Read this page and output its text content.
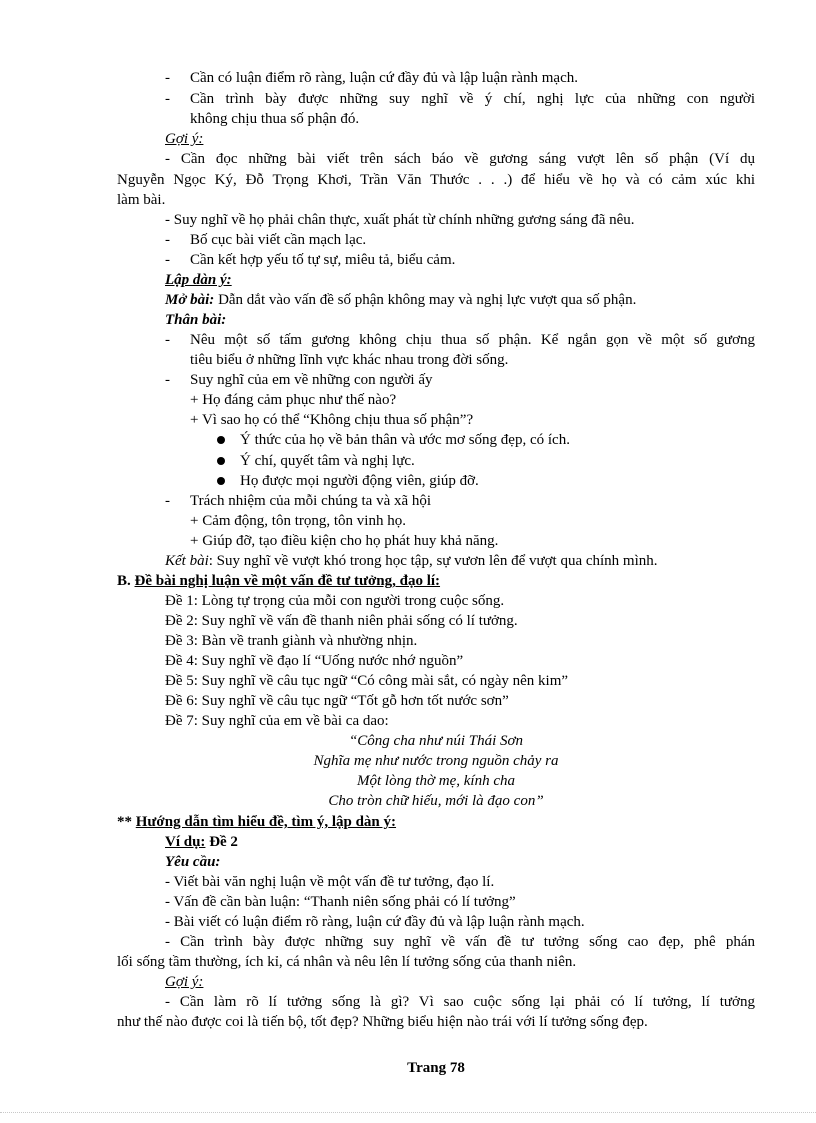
-	Cần có luận điểm rõ ràng, luận cứ đầy đủ và lập luận rành mạch.
-	Cần trình bày được những suy nghĩ về ý chí, nghị lực của những con người
không chịu thua số phận đó.
Gợi ý:
- Cần đọc những bài viết trên sách báo về gương sáng vượt lên số phận (Ví dụ
Nguyễn Ngọc Ký, Đỗ Trọng Khơi, Trần Văn Thước . . .) để hiểu về họ và có cảm xúc khi
làm bài.
- Suy nghĩ về họ phải chân thực, xuất phát từ chính những gương sáng đã nêu.
-	Bố cục bài viết cần mạch lạc.
-	Cần kết hợp yếu tố tự sự, miêu tả, biểu cảm.
Lập dàn ý:
Mở bài: Dẫn dắt vào vấn đề số phận không may và nghị lực vượt qua số phận.
Thân bài:
-	Nêu một số tấm gương không chịu thua số phận. Kể ngắn gọn về một số gương
tiêu biểu ở những lĩnh vực khác nhau trong đời sống.
-	Suy nghĩ của em về những con người ấy
+ Họ đáng cảm phục như thế nào?
+ Vì sao họ có thể “Không chịu thua số phận”?
Ý thức của họ về bản thân và ước mơ sống đẹp, có ích.
Ý chí, quyết tâm và nghị lực.
Họ được mọi người động viên, giúp đỡ.
-	Trách nhiệm của mỗi chúng ta và xã hội
+ Cảm động, tôn trọng, tôn vinh họ.
+ Giúp đỡ, tạo điều kiện cho họ phát huy khả năng.
Kết bài: Suy nghĩ về vượt khó trong học tập, sự vươn lên để vượt qua chính mình.
B. Đề bài nghị luận về một vấn đề tư tưởng, đạo lí:
Đề 1: Lòng tự trọng của mỗi con người trong cuộc sống.
Đề 2: Suy nghĩ về vấn đề thanh niên phải sống có lí tưởng.
Đề 3: Bàn về tranh giành và nhường nhịn.
Đề 4: Suy nghĩ về đạo lí “Uống nước nhớ nguồn”
Đề 5: Suy nghĩ về câu tục ngữ “Có công mài sắt, có ngày nên kim”
Đề 6: Suy nghĩ về câu tục ngữ “Tốt gỗ hơn tốt nước sơn”
Đề 7: Suy nghĩ của em về bài ca dao:
“Công cha như núi Thái Sơn
Nghĩa mẹ như nước trong nguồn chảy ra
Một lòng thờ mẹ, kính cha
Cho tròn chữ hiếu, mới là đạo con”
** Hướng dẫn tìm hiểu đề, tìm ý, lập dàn ý:
Ví dụ: Đề 2
Yêu cầu:
- Viết bài văn nghị luận về một vấn đề tư tưởng, đạo lí.
- Vấn đề cần bàn luận: “Thanh niên sống phải có lí tưởng”
- Bài viết có luận điểm rõ ràng, luận cứ đầy đủ và lập luận rành mạch.
- Cần trình bày được những suy nghĩ về vấn đề tư tưởng sống cao đẹp, phê phán
lối sống tầm thường, ích kỉ, cá nhân và nêu lên lí tưởng sống của thanh niên.
Gợi ý:
- Cần làm rõ lí tưởng sống là gì? Vì sao cuộc sống lại phải có lí tưởng, lí tưởng
như thế nào được coi là tiến bộ, tốt đẹp? Những biểu hiện nào trái với lí tưởng sống đẹp.
Trang 78
